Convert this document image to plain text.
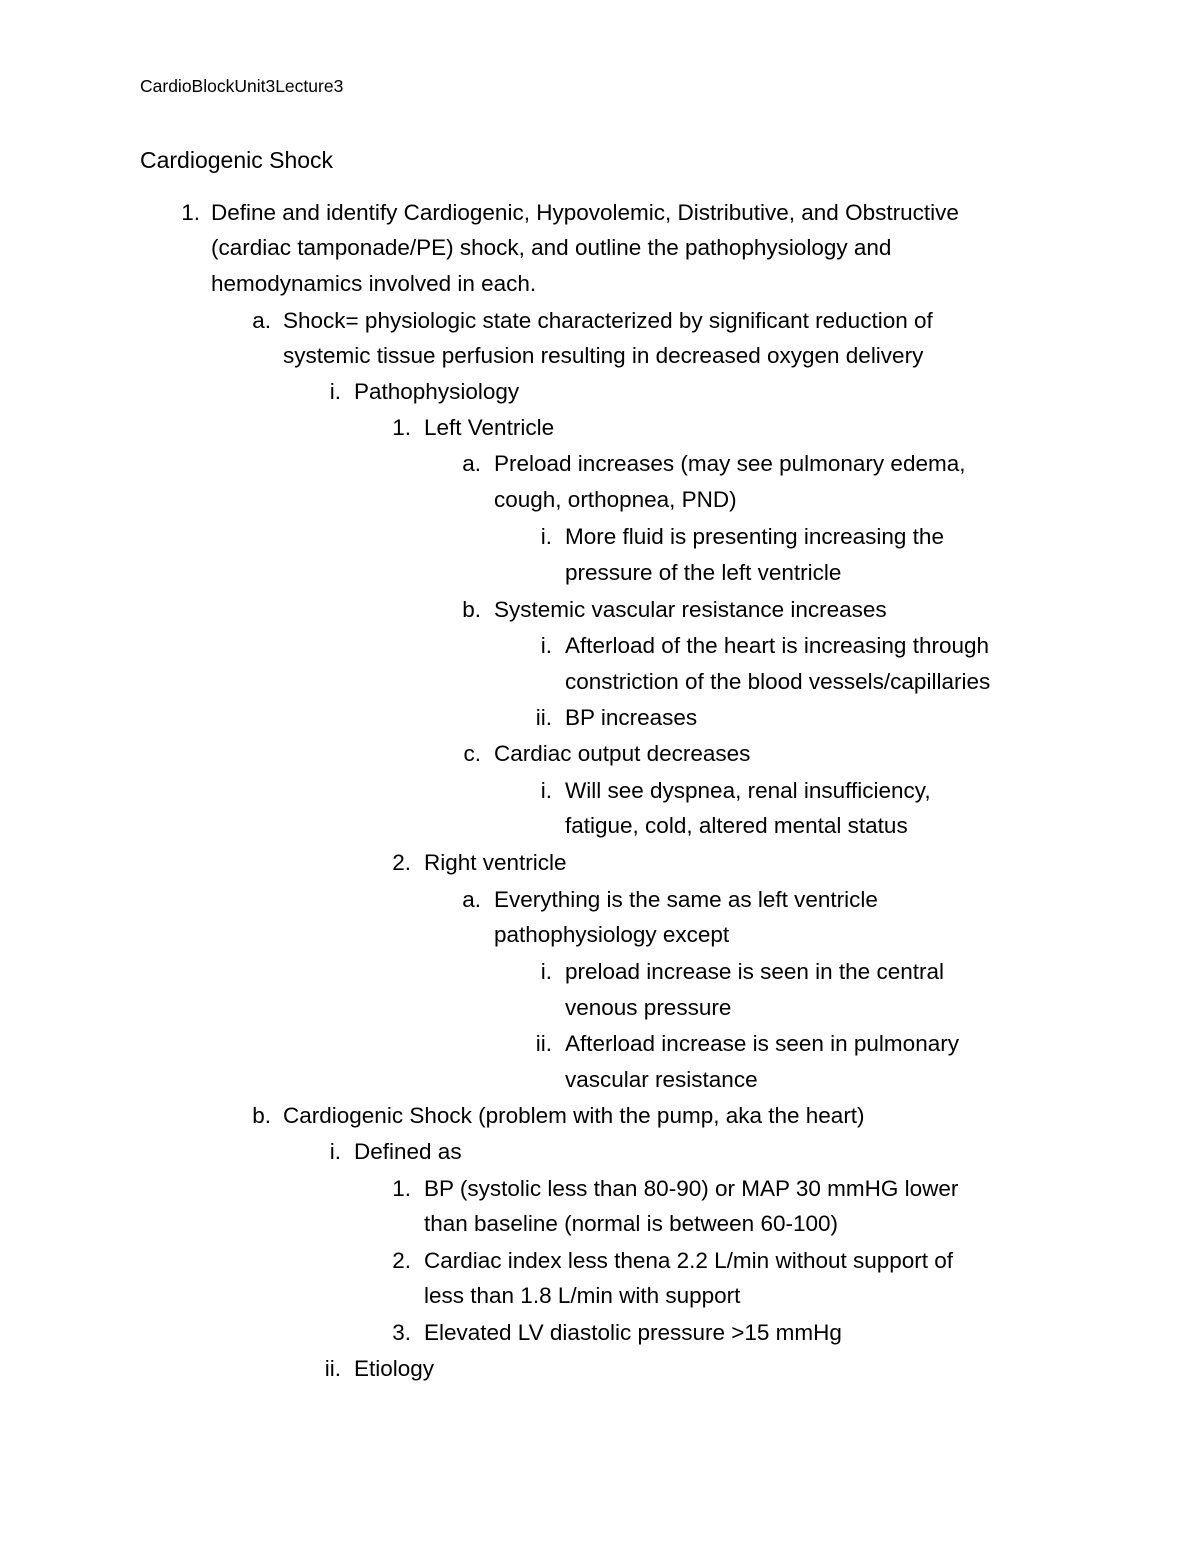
CardioBlockUnit3Lecture3
Cardiogenic Shock
1. Define and identify Cardiogenic, Hypovolemic, Distributive, and Obstructive
(cardiac tamponade/PE) shock, and outline the pathophysiology and
hemodynamics involved in each.
a. Shock= physiologic state characterized by significant reduction of
systemic tissue perfusion resulting in decreased oxygen delivery
i. Pathophysiology
1. Left Ventricle
a. Preload increases (may see pulmonary edema,
cough, orthopnea, PND)
i. More fluid is presenting increasing the
pressure of the left ventricle
b. Systemic vascular resistance increases
i. Afterload of the heart is increasing through
constriction of the blood vessels/capillaries
ii. BP increases
c. Cardiac output decreases
i. Will see dyspnea, renal insufficiency,
fatigue, cold, altered mental status
2. Right ventricle
a. Everything is the same as left ventricle
pathophysiology except
i. preload increase is seen in the central
venous pressure
ii. Afterload increase is seen in pulmonary
vascular resistance
b. Cardiogenic Shock (problem with the pump, aka the heart)
i. Defined as
1. BP (systolic less than 80-90) or MAP 30 mmHG lower
than baseline (normal is between 60-100)
2. Cardiac index less thena 2.2 L/min without support of
less than 1.8 L/min with support
3. Elevated LV diastolic pressure >15 mmHg
ii. Etiology
